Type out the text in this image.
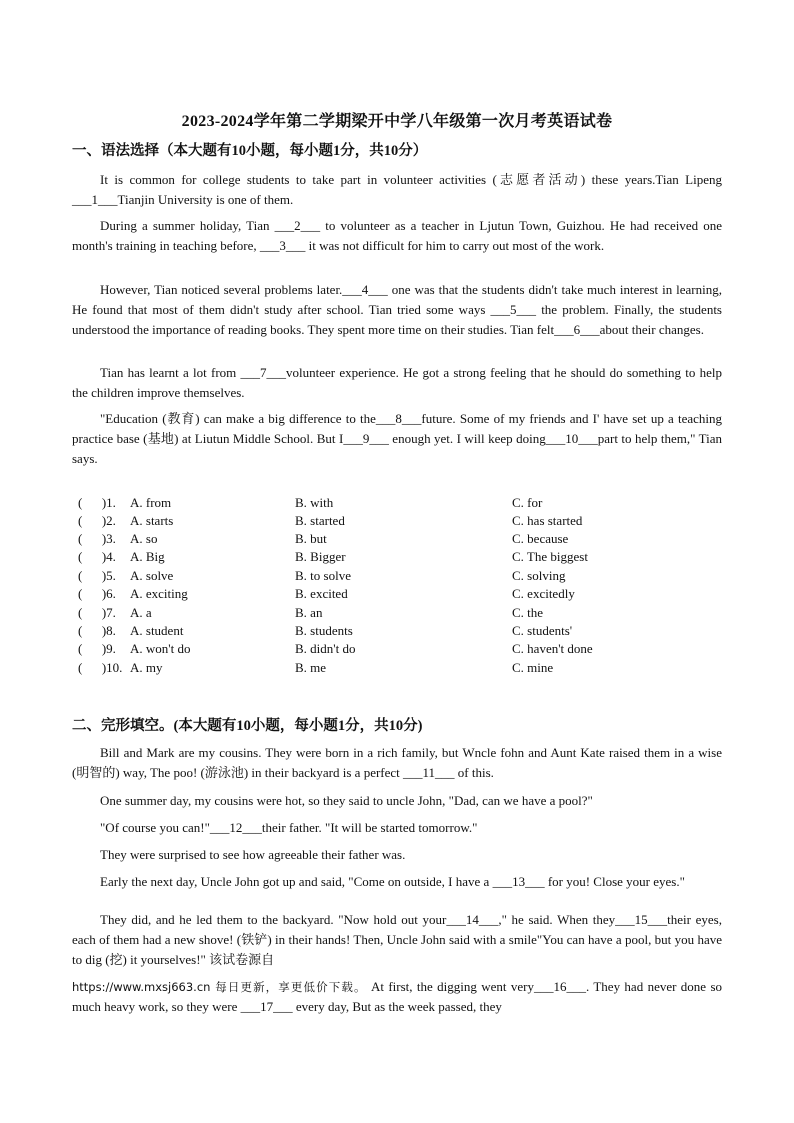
2023-2024学年第二学期梁开中学八年级第一次月考英语试卷
一、语法选择（本大题有10小题，每小题1分，共10分）
It is common for college students to take part in volunteer activities (志愿者活动) these years.Tian Lipeng ___1___Tianjin University is one of them.
During a summer holiday, Tian ___2___ to volunteer as a teacher in Ljutun Town, Guizhou. He had received one month's training in teaching before, ___3___ it was not difficult for him to carry out most of the work.
However, Tian noticed several problems later.___4___ one was that the students didn't take much interest in learning, He found that most of them didn't study after school. Tian tried some ways ___5___ the problem. Finally, the students understood the importance of reading books. They spent more time on their studies. Tian felt___6___about their changes.
Tian has learnt a lot from ___7___volunteer experience. He got a strong feeling that he should do something to help the children improve themselves.
"Education (教育) can make a big difference to the___8___future. Some of my friends and I' have set up a teaching practice base (基地) at Liutun Middle School. But I___9___ enough yet. I will keep doing___10___part to help them," Tian says.
(      )1. A. from	B. with	C. for
(      )2. A. starts	B. started	C. has started
(      )3. A. so	B. but	C. because
(      )4. A. Big	B. Bigger	C. The biggest
(      )5. A. solve	B. to solve	C. solving
(      )6. A. exciting	B. excited	C. excitedly
(      )7. A. a	B. an	C. the
(      )8. A. student	B. students	C. students'
(      )9. A. won't do	B. didn't do	C. haven't done
(      )10. A. my	B. me	C. mine
二、完形填空。(本大题有10小题，每小题1分，共10分)
Bill and Mark are my cousins. They were born in a rich family, but Wncle fohn and Aunt Kate raised them in a wise (明智的) way, The poo! (游泳池) in their backyard is a perfect ___11___ of this.
One summer day, my cousins were hot, so they said to uncle John, "Dad, can we have a pool?"
"Of course you can!"___12___their father. "It will be started tomorrow."
They were surprised to see how agreeable their father was.
Early the next day, Uncle John got up and said, "Come on outside, I have a ___13___ for you! Close your eyes."
They did, and he led them to the backyard. "Now hold out your___14___," he said. When they___15___their eyes, each of them had a new shove! (铁铲) in their hands! Then, Uncle John said with a smile"You can have a pool, but you have to dig (挖) it yourselves!" 该试卷源自
https://www.mxsj663.cn 每日更新，享更低价下载。 At first, the digging went very___16___. They had never done so much heavy work, so they were ___17___ every day, But as the week passed, they
